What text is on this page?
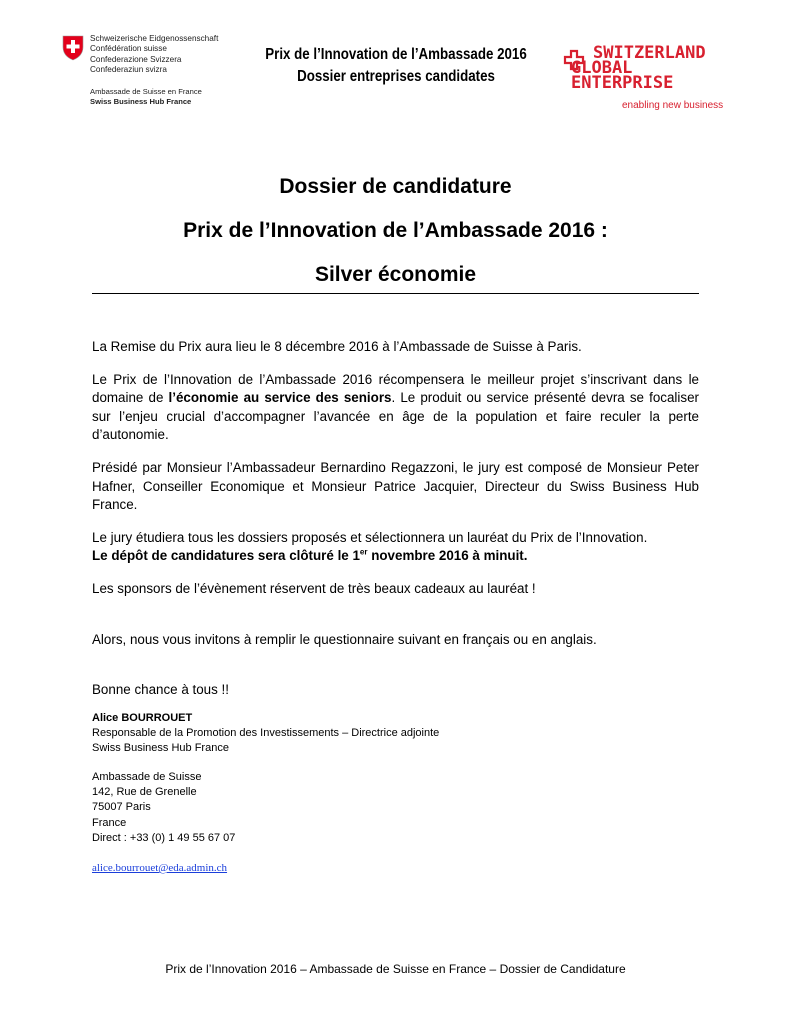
Schweizerische Eidgenossenschaft
Confédération suisse
Confederazione Svizzera
Confederaziun svizra
Ambassade de Suisse en France
Swiss Business Hub France
Prix de l’Innovation de l’Ambassade 2016
Dossier entreprises candidates
SWITZERLAND
GLOBAL
ENTERPRISE
enabling new business
Dossier de candidature
Prix de l’Innovation de l’Ambassade 2016 :
Silver économie

La Remise du Prix aura lieu le 8 décembre 2016 à l’Ambassade de Suisse à Paris.

Le Prix de l’Innovation de l’Ambassade 2016 récompensera le meilleur projet s’inscrivant dans le domaine de l’économie au service des seniors. Le produit ou service présenté devra se focaliser sur l’enjeu crucial d’accompagner l’avancée en âge de la population et faire reculer la perte d’autonomie.

Présidé par Monsieur l’Ambassadeur Bernardino Regazzoni, le jury est composé de Monsieur Peter Hafner, Conseiller Economique et Monsieur Patrice Jacquier, Directeur du Swiss Business Hub France.

Le jury étudiera tous les dossiers proposés et sélectionnera un lauréat du Prix de l’Innovation.
Le dépôt de candidatures sera clôturé le 1er novembre 2016 à minuit.

Les sponsors de l’évènement réservent de très beaux cadeaux au lauréat !

Alors, nous vous invitons à remplir le questionnaire suivant en français ou en anglais.

Bonne chance à tous !!

Alice BOURROUET
Responsable de la Promotion des Investissements – Directrice adjointe
Swiss Business Hub France
Ambassade de Suisse
142, Rue de Grenelle
75007 Paris
France
Direct : +33 (0) 1 49 55 67 07
alice.bourrouet@eda.admin.ch
Prix de l’Innovation 2016 – Ambassade de Suisse en France – Dossier de Candidature
